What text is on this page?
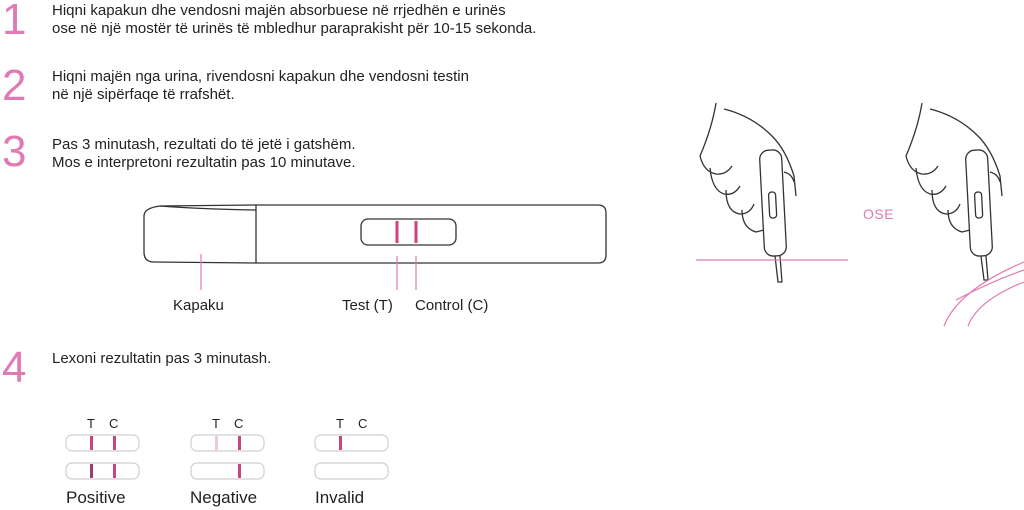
1 Hiqni kapakun dhe vendosni majën absorbuese në rrjedhën e urinës
ose në një mostër të urinës të mbledhur paraprakisht për 10-15 sekonda.
2 Hiqni majën nga urina, rivendosni kapakun dhe vendosni testin
në një sipërfaqe të rrafshët.
3 Pas 3 minutash, rezultati do të jetë i gatshëm.
Mos e interpretoni rezultatin pas 10 minutave.
4 Lexoni rezultatin pas 3 minutash.
Kapaku	Test (T) Control (C)
OSE
T C	T C	T C
Positive	Negative	Invalid
